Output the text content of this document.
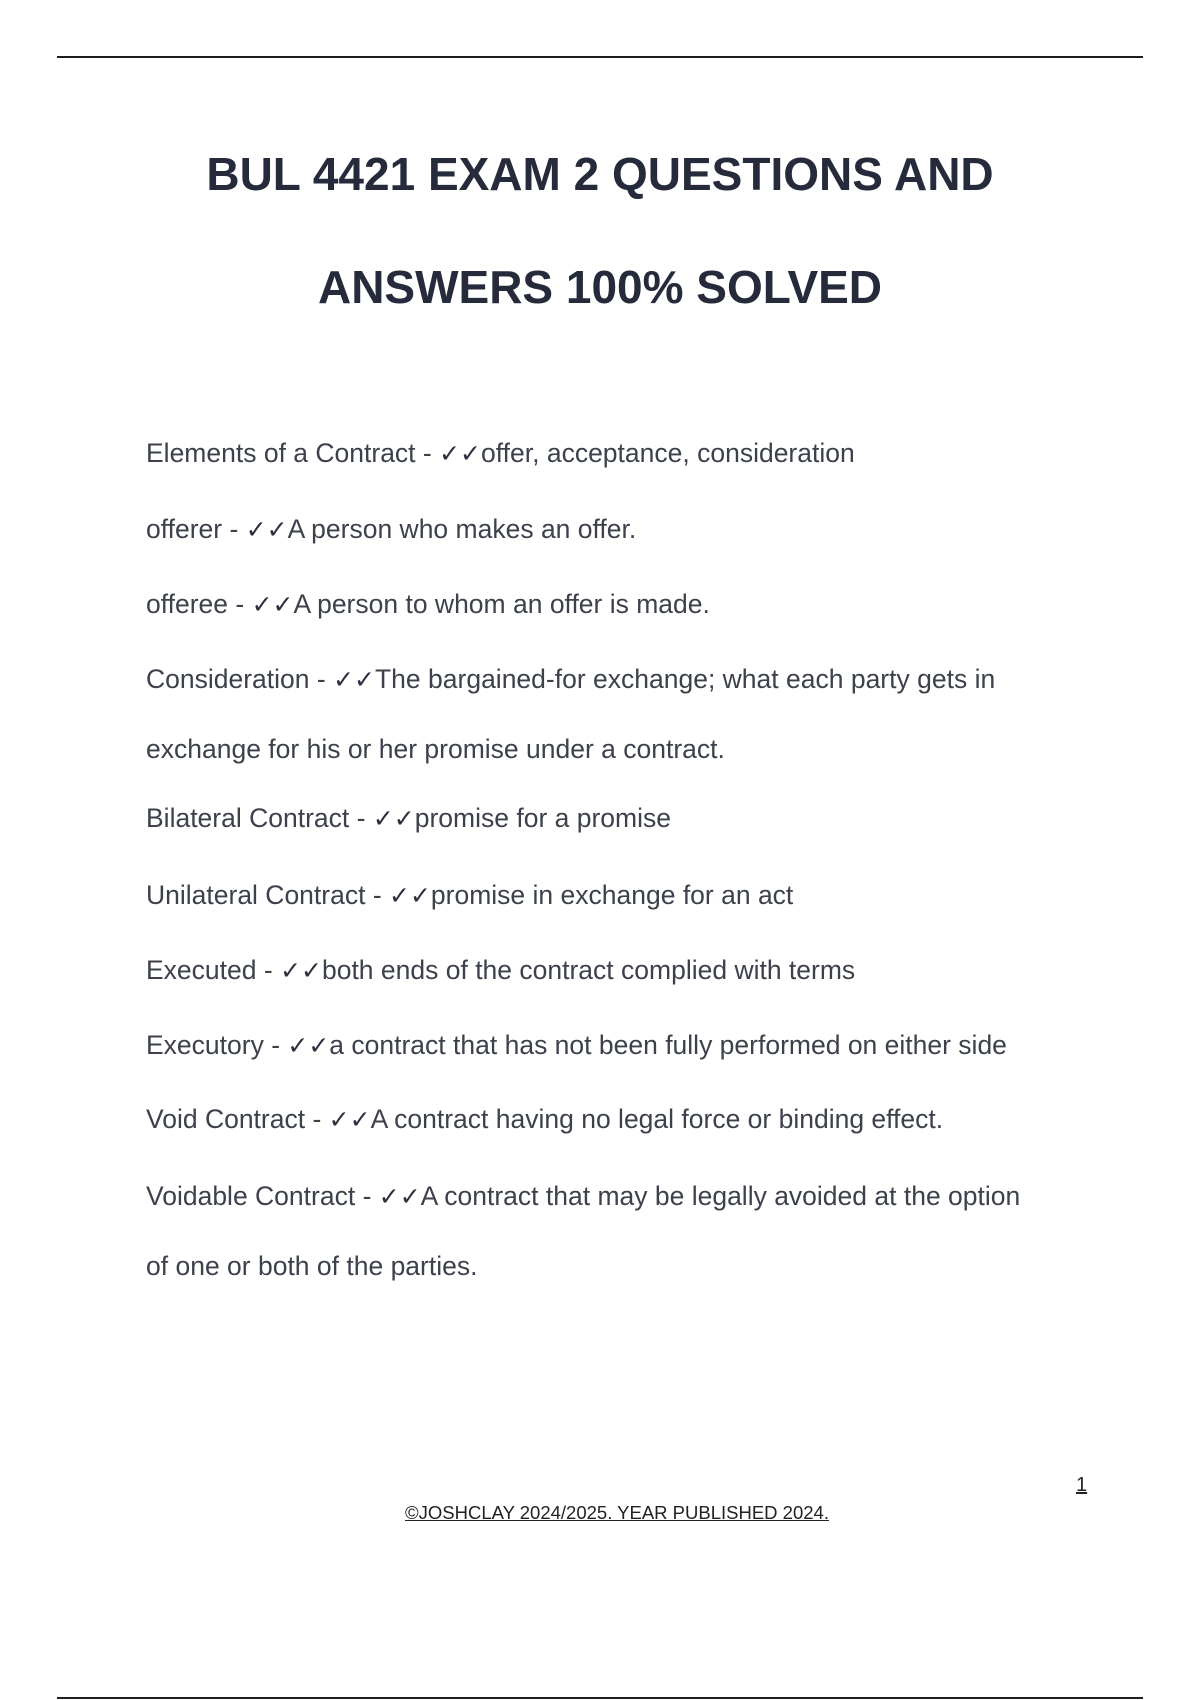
BUL 4421 EXAM 2 QUESTIONS AND
ANSWERS 100% SOLVED

Elements of a Contract - ✓✓offer, acceptance, consideration

offerer - ✓✓A person who makes an offer.

offeree - ✓✓A person to whom an offer is made.

Consideration - ✓✓The bargained-for exchange; what each party gets in
exchange for his or her promise under a contract.

Bilateral Contract - ✓✓promise for a promise

Unilateral Contract - ✓✓promise in exchange for an act

Executed - ✓✓both ends of the contract complied with terms

Executory - ✓✓a contract that has not been fully performed on either side

Void Contract - ✓✓A contract having no legal force or binding effect.

Voidable Contract - ✓✓A contract that may be legally avoided at the option
of one or both of the parties.

1
©JOSHCLAY 2024/2025. YEAR PUBLISHED 2024.
